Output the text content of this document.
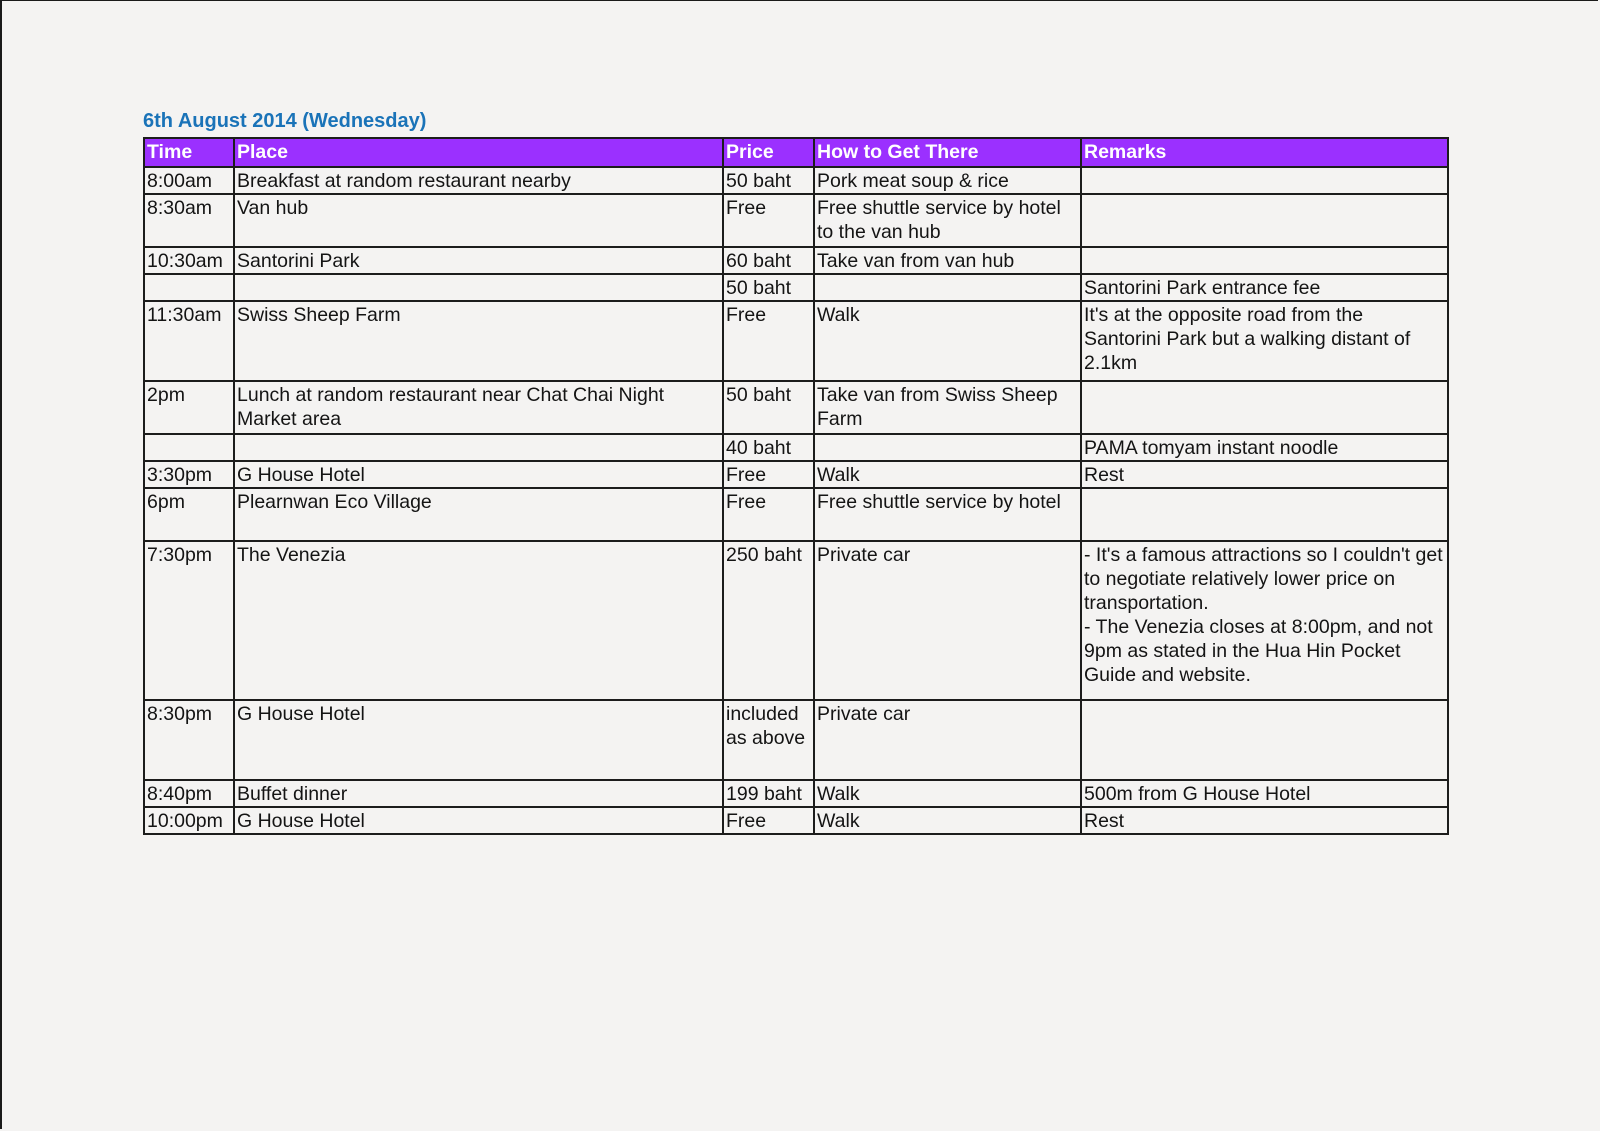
6th August 2014 (Wednesday)
Time	Place	Price	How to Get There	Remarks
8:00am	Breakfast at random restaurant nearby	50 baht	Pork meat soup & rice	

8:30am	Van hub	Free	Free shuttle service by hotel to the van hub	

10:30am	Santorini Park	60 baht	Take van from van hub	

		50 baht		Santorini Park entrance fee

11:30am	Swiss Sheep Farm	Free	Walk	It's at the opposite road from the Santorini Park but a walking distant of 2.1km

2pm	Lunch at random restaurant near Chat Chai Night Market area	50 baht	Take van from Swiss Sheep Farm	

		40 baht		PAMA tomyam instant noodle

3:30pm	G House Hotel	Free	Walk	Rest

6pm	Plearnwan Eco Village	Free	Free shuttle service by hotel	

7:30pm	The Venezia	250 baht	Private car	- It's a famous attractions so I couldn't get to negotiate relatively lower price on transportation.
- The Venezia closes at 8:00pm, and not 9pm as stated in the Hua Hin Pocket Guide and website.

8:30pm	G House Hotel	included as above	Private car	

8:40pm	Buffet dinner	199 baht	Walk	500m from G House Hotel

10:00pm	G House Hotel	Free	Walk	Rest
